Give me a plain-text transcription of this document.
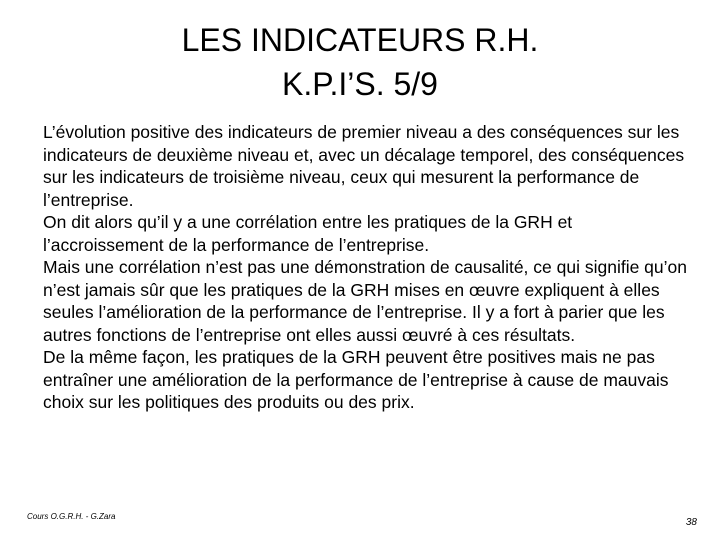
LES INDICATEURS R.H.
K.P.I’S. 5/9

L’évolution positive des indicateurs de premier niveau a des conséquences sur les indicateurs de deuxième niveau et, avec un décalage temporel, des conséquences sur les indicateurs de troisième niveau, ceux qui mesurent la performance de l’entreprise.

On dit alors qu’il y a une corrélation entre les pratiques de la GRH et l’accroissement de la performance de l’entreprise.

Mais une corrélation n’est pas une démonstration de causalité, ce qui signifie qu’on n’est jamais sûr que les pratiques de la GRH mises en œuvre expliquent à elles seules l’amélioration de la performance de l’entreprise. Il y a fort à parier que les autres fonctions de l’entreprise ont elles aussi œuvré à ces résultats.

De la même façon, les pratiques de la GRH peuvent être positives mais ne pas entraîner une amélioration de la performance de l’entreprise à cause de mauvais choix sur les politiques des produits ou des prix.

Cours O.G.R.H. - G.Zara
38
